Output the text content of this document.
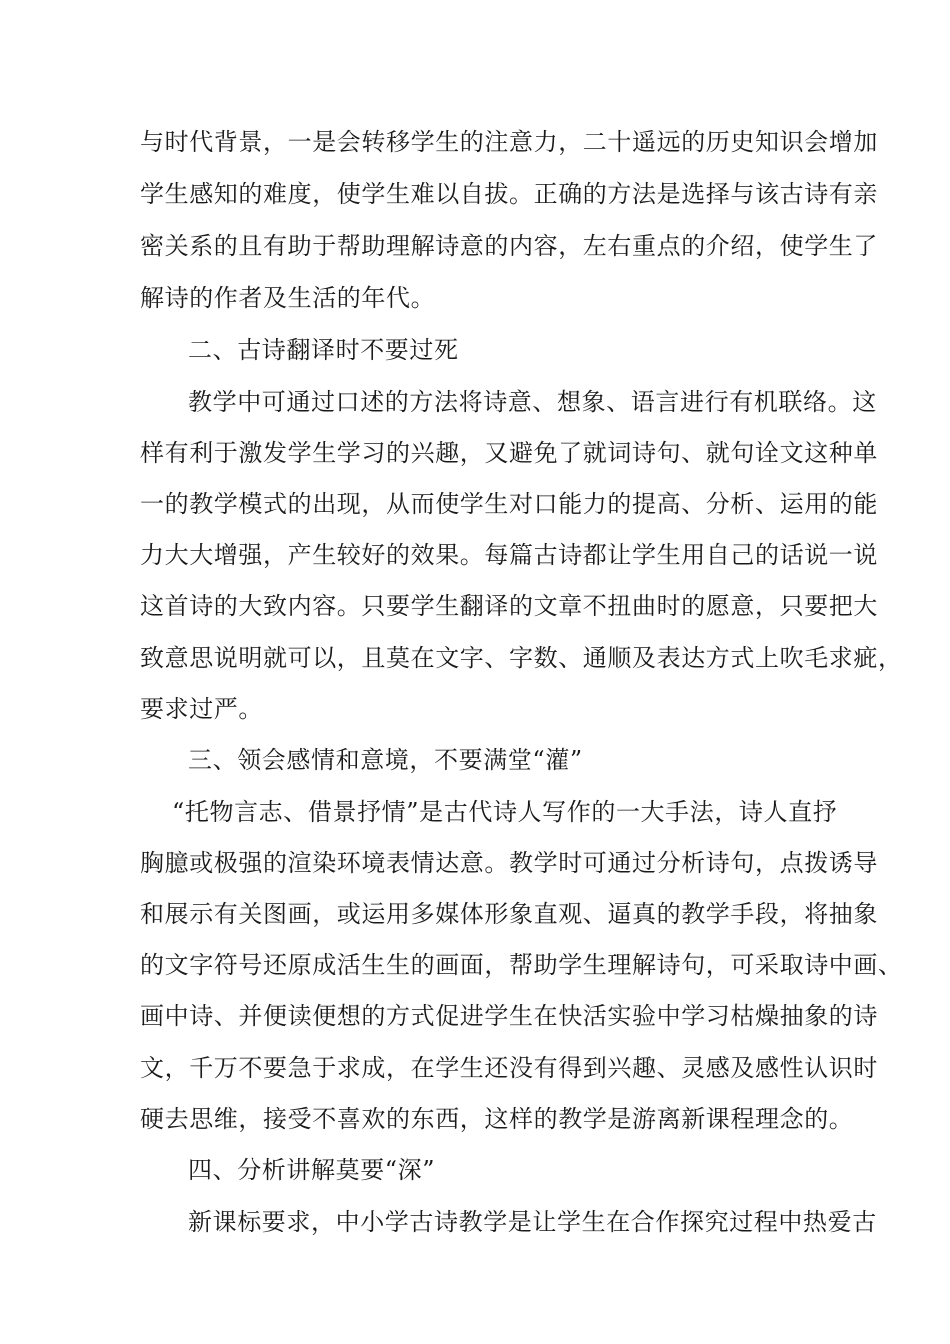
与时代背景，一是会转移学生的注意力，二十遥远的历史知识会增加
学生感知的难度，使学生难以自拔。正确的方法是选择与该古诗有亲
密关系的且有助于帮助理解诗意的内容，左右重点的介绍，使学生了
解诗的作者及生活的年代。
二、古诗翻译时不要过死
教学中可通过口述的方法将诗意、想象、语言进行有机联络。这
样有利于激发学生学习的兴趣，又避免了就词诗句、就句诠文这种单
一的教学模式的出现，从而使学生对口能力的提高、分析、运用的能
力大大增强，产生较好的效果。每篇古诗都让学生用自己的话说一说
这首诗的大致内容。只要学生翻译的文章不扭曲时的愿意，只要把大
致意思说明就可以，且莫在文字、字数、通顺及表达方式上吹毛求疵，
要求过严。
三、领会感情和意境，不要满堂“灌”
“托物言志、借景抒情”是古代诗人写作的一大手法，诗人直抒
胸臆或极强的渲染环境表情达意。教学时可通过分析诗句，点拨诱导
和展示有关图画，或运用多媒体形象直观、逼真的教学手段，将抽象
的文字符号还原成活生生的画面，帮助学生理解诗句，可采取诗中画、
画中诗、并便读便想的方式促进学生在快活实验中学习枯燥抽象的诗
文，千万不要急于求成，在学生还没有得到兴趣、灵感及感性认识时
硬去思维，接受不喜欢的东西，这样的教学是游离新课程理念的。
四、分析讲解莫要“深”
新课标要求，中小学古诗教学是让学生在合作探究过程中热爱古
